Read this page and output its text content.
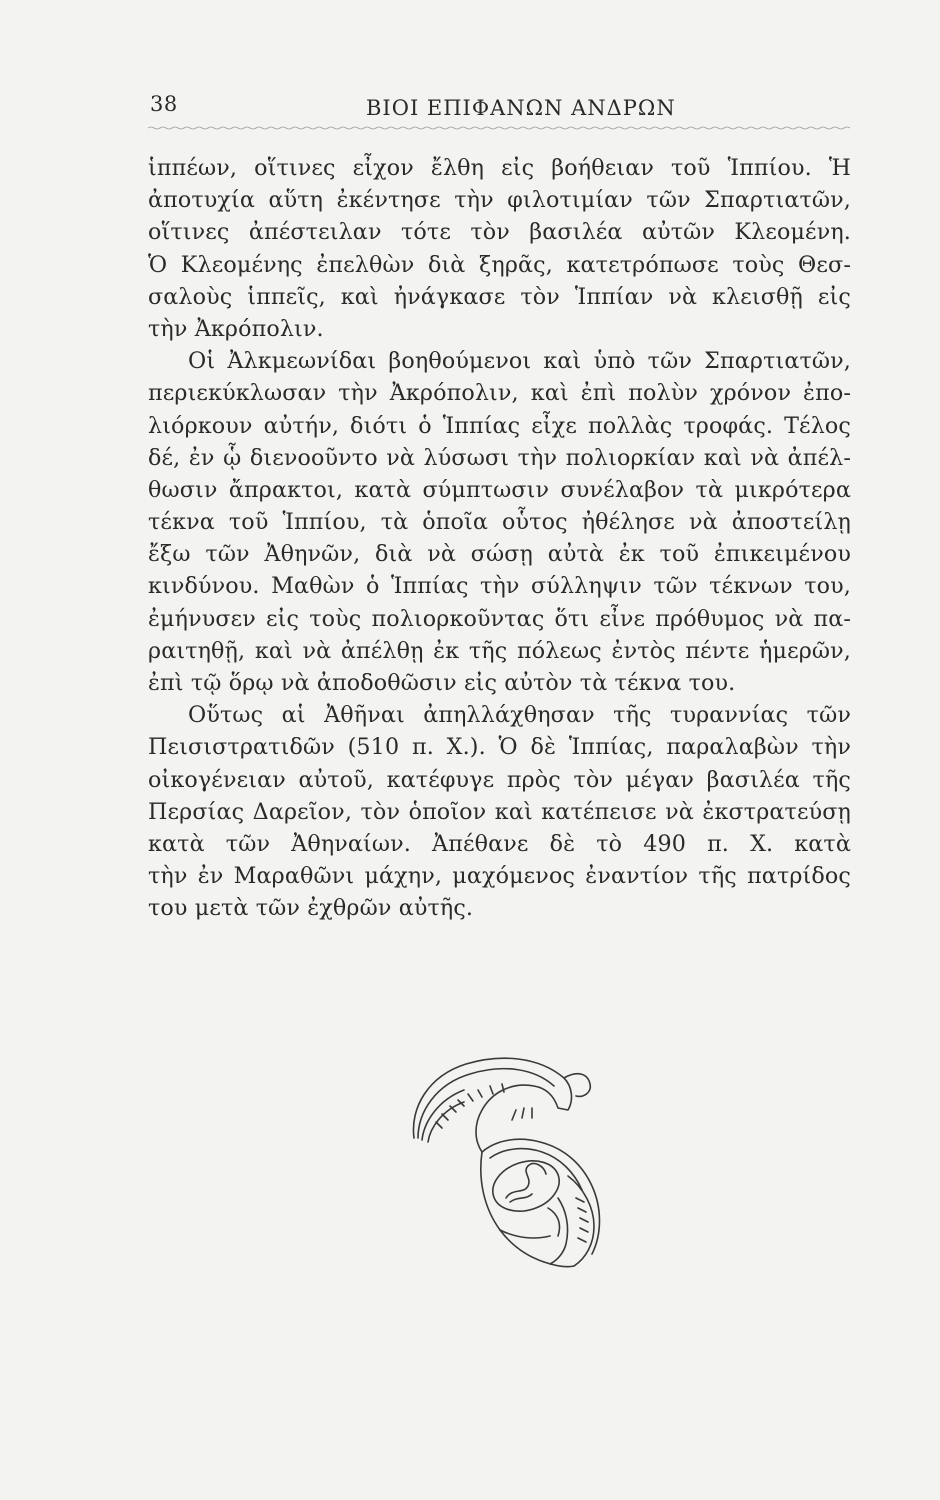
38	ΒΙΟΙ ΕΠΙΦΑΝΩΝ ΑΝΔΡΩΝ
ἱππέων, οἵτινες εἶχον ἔλθη εἰς βοήθειαν τοῦ Ἱππίου. Ἡ
ἀποτυχία αὕτη ἐκέντησε τὴν φιλοτιμίαν τῶν Σπαρτιατῶν,
οἵτινες ἀπέστειλαν τότε τὸν βασιλέα αὐτῶν Κλεομένη.
Ὁ Κλεομένης ἐπελθὼν διὰ ξηρᾶς, κατετρόπωσε τοὺς Θεσ-
σαλοὺς ἱππεῖς, καὶ ἠνάγκασε τὸν Ἱππίαν νὰ κλεισθῇ εἰς
τὴν Ἀκρόπολιν.
Οἱ Ἀλκμεωνίδαι βοηθούμενοι καὶ ὑπὸ τῶν Σπαρτιατῶν,
περιεκύκλωσαν τὴν Ἀκρόπολιν, καὶ ἐπὶ πολὺν χρόνον ἐπο-
λιόρκουν αὐτήν, διότι ὁ Ἱππίας εἶχε πολλὰς τροφάς. Τέλος
δέ, ἐν ᾧ διενοοῦντο νὰ λύσωσι τὴν πολιορκίαν καὶ νὰ ἀπέλ-
θωσιν ἄπρακτοι, κατὰ σύμπτωσιν συνέλαβον τὰ μικρότερα
τέκνα τοῦ Ἱππίου, τὰ ὁποῖα οὗτος ἠθέλησε νὰ ἀποστείλῃ
ἔξω τῶν Ἀθηνῶν, διὰ νὰ σώσῃ αὐτὰ ἐκ τοῦ ἐπικειμένου
κινδύνου. Μαθὼν ὁ Ἱππίας τὴν σύλληψιν τῶν τέκνων του,
ἐμήνυσεν εἰς τοὺς πολιορκοῦντας ὅτι εἶνε πρόθυμος νὰ πα-
ραιτηθῇ, καὶ νὰ ἀπέλθῃ ἐκ τῆς πόλεως ἐντὸς πέντε ἡμερῶν,
ἐπὶ τῷ ὅρῳ νὰ ἀποδοθῶσιν εἰς αὐτὸν τὰ τέκνα του.
Οὕτως αἱ Ἀθῆναι ἀπηλλάχθησαν τῆς τυραννίας τῶν
Πεισιστρατιδῶν (510 π. Χ.). Ὁ δὲ Ἱππίας, παραλαβὼν τὴν
οἰκογένειαν αὐτοῦ, κατέφυγε πρὸς τὸν μέγαν βασιλέα τῆς
Περσίας Δαρεῖον, τὸν ὁποῖον καὶ κατέπεισε νὰ ἐκστρατεύσῃ
κατὰ τῶν Ἀθηναίων. Ἀπέθανε δὲ τὸ 490 π. Χ. κατὰ
τὴν ἐν Μαραθῶνι μάχην, μαχόμενος ἐναντίον τῆς πατρίδος
του μετὰ τῶν ἐχθρῶν αὐτῆς.
